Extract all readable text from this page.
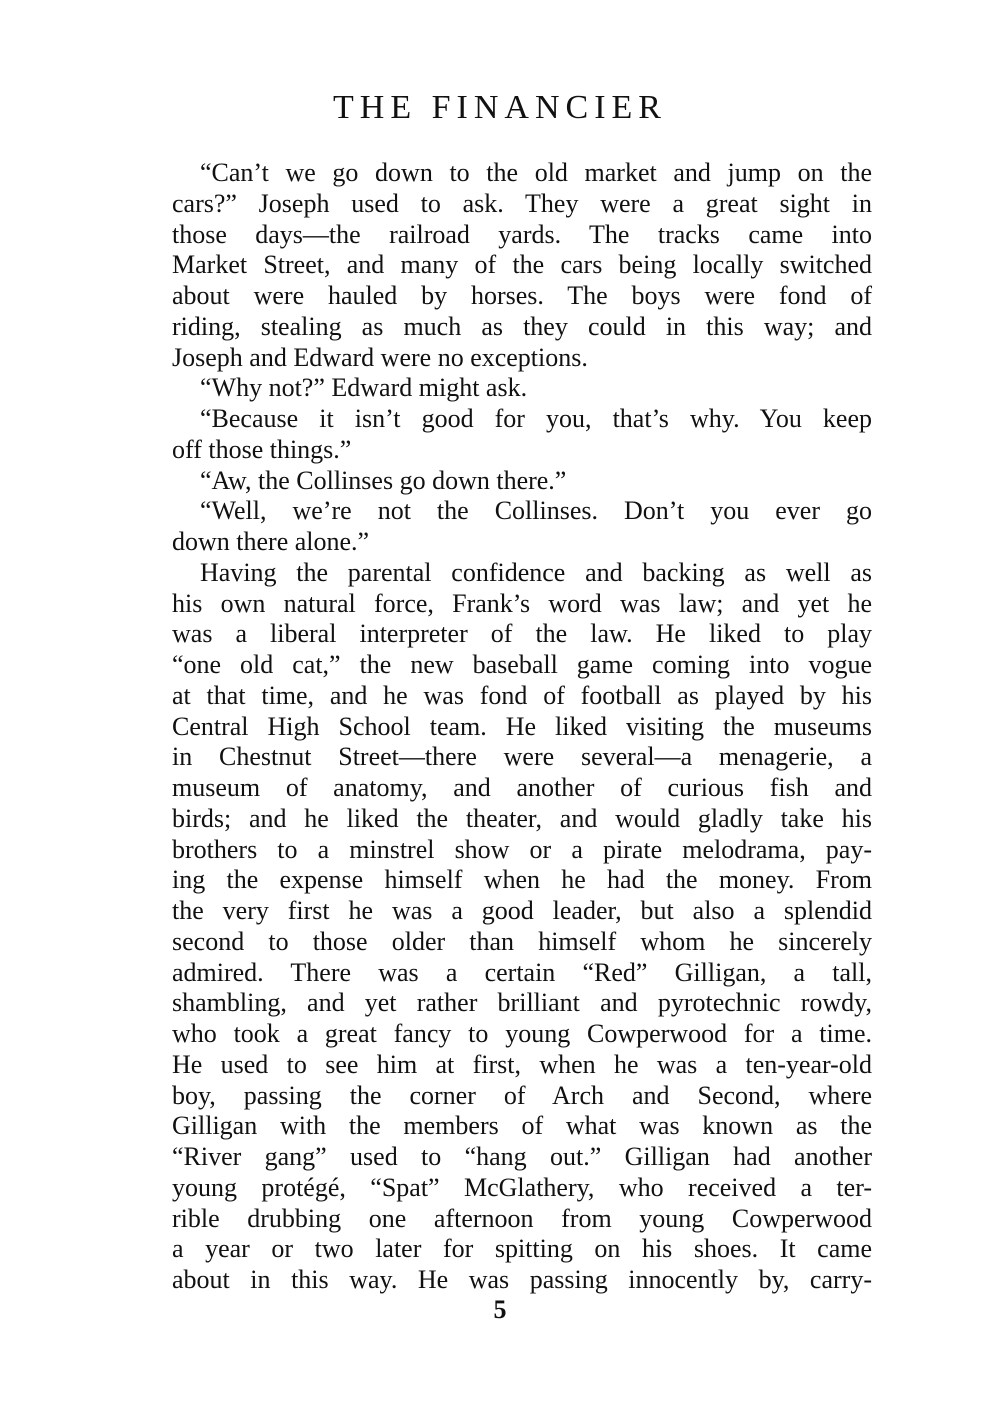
THE FINANCIER
“Can’t we go down to the old market and jump on the
cars?” Joseph used to ask. They were a great sight in
those days—the railroad yards. The tracks came into
Market Street, and many of the cars being locally switched
about were hauled by horses. The boys were fond of
riding, stealing as much as they could in this way; and
Joseph and Edward were no exceptions.
“Why not?” Edward might ask.
“Because it isn’t good for you, that’s why. You keep
off those things.”
“Aw, the Collinses go down there.”
“Well, we’re not the Collinses. Don’t you ever go
down there alone.”
Having the parental confidence and backing as well as
his own natural force, Frank’s word was law; and yet he
was a liberal interpreter of the law. He liked to play
“one old cat,” the new baseball game coming into vogue
at that time, and he was fond of football as played by his
Central High School team. He liked visiting the museums
in Chestnut Street—there were several—a menagerie, a
museum of anatomy, and another of curious fish and
birds; and he liked the theater, and would gladly take his
brothers to a minstrel show or a pirate melodrama, pay-
ing the expense himself when he had the money. From
the very first he was a good leader, but also a splendid
second to those older than himself whom he sincerely
admired. There was a certain “Red” Gilligan, a tall,
shambling, and yet rather brilliant and pyrotechnic rowdy,
who took a great fancy to young Cowperwood for a time.
He used to see him at first, when he was a ten-year-old
boy, passing the corner of Arch and Second, where
Gilligan with the members of what was known as the
“River gang” used to “hang out.” Gilligan had another
young protégé, “Spat” McGlathery, who received a ter-
rible drubbing one afternoon from young Cowperwood
a year or two later for spitting on his shoes. It came
about in this way. He was passing innocently by, carry-
5
